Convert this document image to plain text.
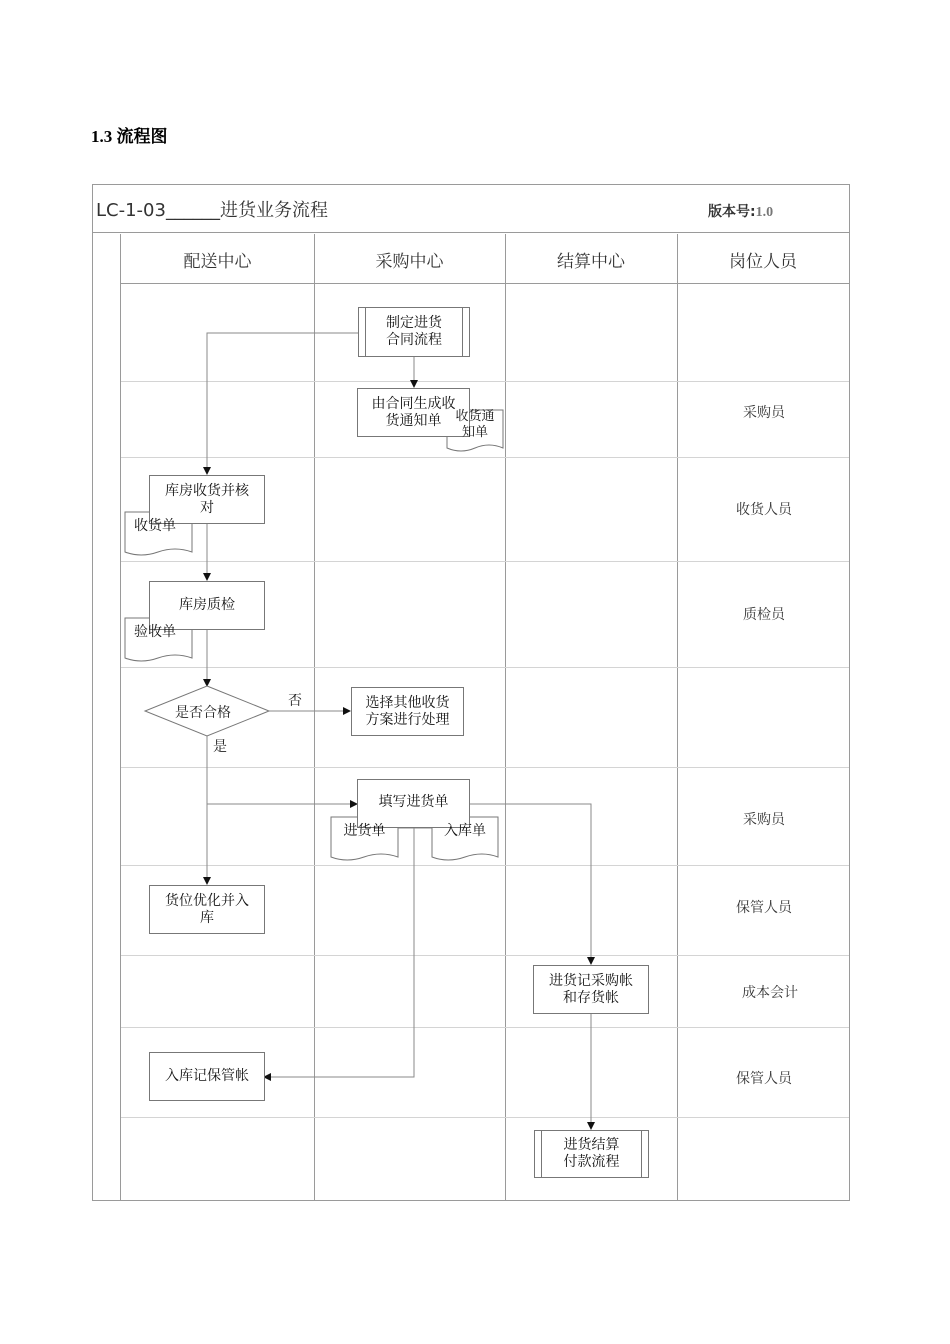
1.3 流程图
LC-1-03______进货业务流程	版本号:1.0
配送中心	采购中心	结算中心	岗位人员
制定进货
合同流程
由合同生成收
货通知单
库房收货并核
对
库房质检
是否合格
选择其他收货
方案进行处理
填写进货单
货位优化并入
库
进货记采购帐
和存货帐
入库记保管帐
进货结算
付款流程
收货通
知单
收货单
验收单
进货单	入库单
否
是
采购员
收货人员
质检员
采购员
保管人员
成本会计
保管人员
